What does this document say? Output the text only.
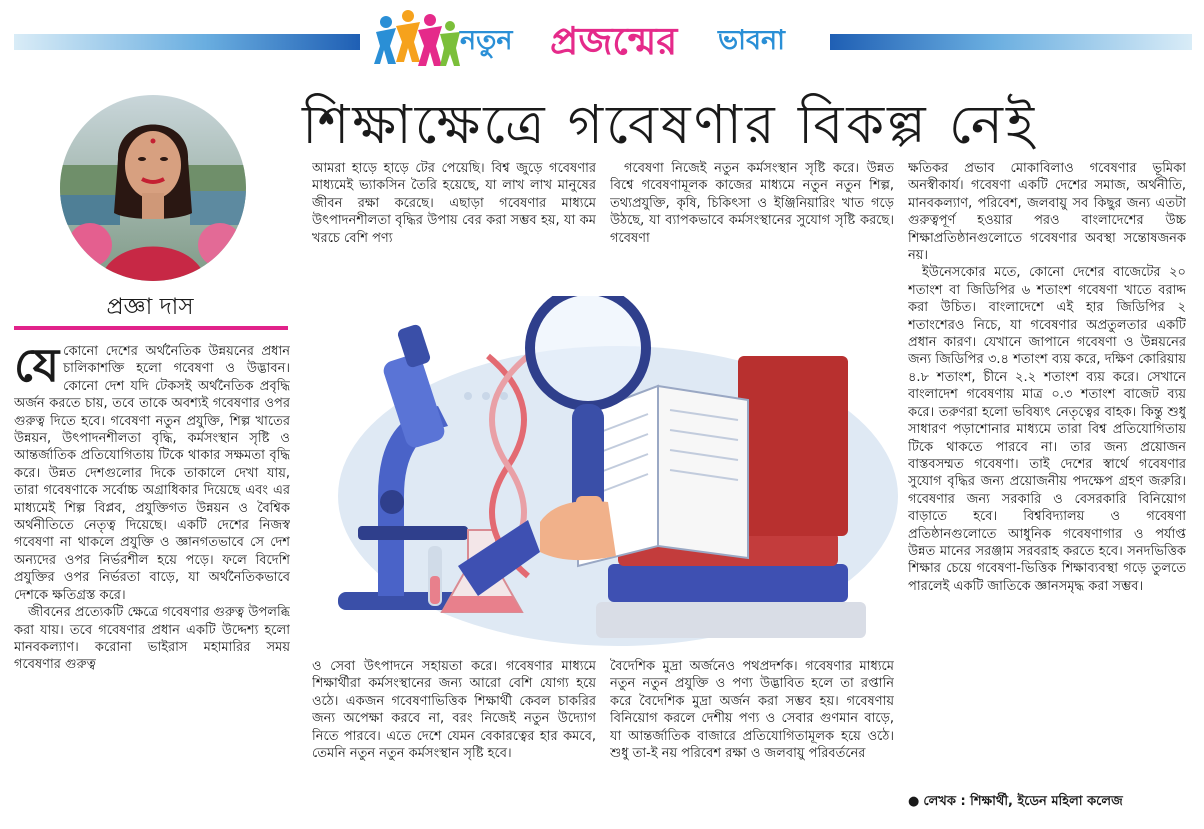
নতুন প্রজন্মের ভাবনা
প্রজ্ঞা দাস
শিক্ষাক্ষেত্রে গবেষণার বিকল্প নেই

যেকোনো দেশের অর্থনৈতিক উন্নয়নের প্রধান চালিকাশক্তি হলো গবেষণা ও উদ্ভাবন। কোনো দেশ যদি টেকসই অর্থনৈতিক প্রবৃদ্ধি অর্জন করতে চায়, তবে তাকে অবশ্যই গবেষণার ওপর গুরুত্ব দিতে হবে। গবেষণা নতুন প্রযুক্তি, শিল্প খাতের উন্নয়ন, উৎপাদনশীলতা বৃদ্ধি, কর্মসংস্থান সৃষ্টি ও আন্তর্জাতিক প্রতিযোগিতায় টিকে থাকার সক্ষমতা বৃদ্ধি করে। উন্নত দেশগুলোর দিকে তাকালে দেখা যায়, তারা গবেষণাকে সর্বোচ্চ অগ্রাধিকার দিয়েছে এবং এর মাধ্যমেই শিল্প বিপ্লব, প্রযুক্তিগত উন্নয়ন ও বৈশ্বিক অর্থনীতিতে নেতৃত্ব দিয়েছে। একটি দেশের নিজস্ব গবেষণা না থাকলে প্রযুক্তি ও জ্ঞানগতভাবে সে দেশ অন্যদের ওপর নির্ভরশীল হয়ে পড়ে। ফলে বিদেশি প্রযুক্তির ওপর নির্ভরতা বাড়ে, যা অর্থনৈতিকভাবে দেশকে ক্ষতিগ্রস্ত করে।

জীবনের প্রত্যেকটি ক্ষেত্রে গবেষণার গুরুত্ব উপলব্ধি করা যায়। তবে গবেষণার প্রধান একটি উদ্দেশ্য হলো মানবকল্যাণ। করোনা ভাইরাস মহামারির সময় গবেষণার গুরুত্ব

আমরা হাড়ে হাড়ে টের পেয়েছি। বিশ্ব জুড়ে গবেষণার মাধ্যমেই ভ্যাকসিন তৈরি হয়েছে, যা লাখ লাখ মানুষের জীবন রক্ষা করেছে। এছাড়া গবেষণার মাধ্যমে উৎপাদনশীলতা বৃদ্ধির উপায় বের করা সম্ভব হয়, যা কম খরচে বেশি পণ্য

গবেষণা নিজেই নতুন কর্মসংস্থান সৃষ্টি করে। উন্নত বিশ্বে গবেষণামূলক কাজের মাধ্যমে নতুন নতুন শিল্প, তথ্যপ্রযুক্তি, কৃষি, চিকিৎসা ও ইঞ্জিনিয়ারিং খাত গড়ে উঠছে, যা ব্যাপকভাবে কর্মসংস্থানের সুযোগ সৃষ্টি করছে। গবেষণা

ও সেবা উৎপাদনে সহায়তা করে। গবেষণার মাধ্যমে শিক্ষার্থীরা কর্মসংস্থানের জন্য আরো বেশি যোগ্য হয়ে ওঠে। একজন গবেষণাভিত্তিক শিক্ষার্থী কেবল চাকরির জন্য অপেক্ষা করবে না, বরং নিজেই নতুন উদ্যোগ নিতে পারবে। এতে দেশে যেমন বেকারত্বের হার কমবে, তেমনি নতুন নতুন কর্মসংস্থান সৃষ্টি হবে।

বৈদেশিক মুদ্রা অর্জনেও পথপ্রদর্শক। গবেষণার মাধ্যমে নতুন নতুন প্রযুক্তি ও পণ্য উদ্ভাবিত হলে তা রপ্তানি করে বৈদেশিক মুদ্রা অর্জন করা সম্ভব হয়। গবেষণায় বিনিয়োগ করলে দেশীয় পণ্য ও সেবার গুণমান বাড়ে, যা আন্তর্জাতিক বাজারে প্রতিযোগিতামূলক হয়ে ওঠে। শুধু তা-ই নয় পরিবেশ রক্ষা ও জলবায়ু পরিবর্তনের

ক্ষতিকর প্রভাব মোকাবিলাও গবেষণার ভূমিকা অনস্বীকার্য। গবেষণা একটি দেশের সমাজ, অর্থনীতি, মানবকল্যাণ, পরিবেশ, জলবায়ু সব কিছুর জন্য এতটা গুরুত্বপূর্ণ হওয়ার পরও বাংলাদেশের উচ্চ শিক্ষাপ্রতিষ্ঠানগুলোতে গবেষণার অবস্থা সন্তোষজনক নয়।

ইউনেসকোর মতে, কোনো দেশের বাজেটের ২০ শতাংশ বা জিডিপির ৬ শতাংশ গবেষণা খাতে বরাদ্দ করা উচিত। বাংলাদেশে এই হার জিডিপির ২ শতাংশেরও নিচে, যা গবেষণার অপ্রতুলতার একটি প্রধান কারণ। যেখানে জাপানে গবেষণা ও উন্নয়নের জন্য জিডিপির ৩.৪ শতাংশ ব্যয় করে, দক্ষিণ কোরিয়ায় ৪.৮ শতাংশ, চীনে ২.২ শতাংশ ব্যয় করে। সেখানে বাংলাদেশ গবেষণায় মাত্র ০.৩ শতাংশ বাজেট ব্যয় করে। তরুণরা হলো ভবিষ্যৎ নেতৃত্বের বাহক। কিন্তু শুধু সাধারণ পড়াশোনার মাধ্যমে তারা বিশ্ব প্রতিযোগিতায় টিকে থাকতে পারবে না। তার জন্য প্রয়োজন বাস্তবসম্মত গবেষণা। তাই দেশের স্বার্থে গবেষণার সুযোগ বৃদ্ধির জন্য প্রয়োজনীয় পদক্ষেপ গ্রহণ জরুরি। গবেষণার জন্য সরকারি ও বেসরকারি বিনিয়োগ বাড়াতে হবে। বিশ্ববিদ্যালয় ও গবেষণা প্রতিষ্ঠানগুলোতে আধুনিক গবেষণাগার ও পর্যাপ্ত উন্নত মানের সরঞ্জাম সরবরাহ করতে হবে। সনদভিত্তিক শিক্ষার চেয়ে গবেষণা-ভিত্তিক শিক্ষাব্যবস্থা গড়ে তুলতে পারলেই একটি জাতিকে জ্ঞানসমৃদ্ধ করা সম্ভব।

● লেখক : শিক্ষার্থী, ইডেন মহিলা কলেজ
